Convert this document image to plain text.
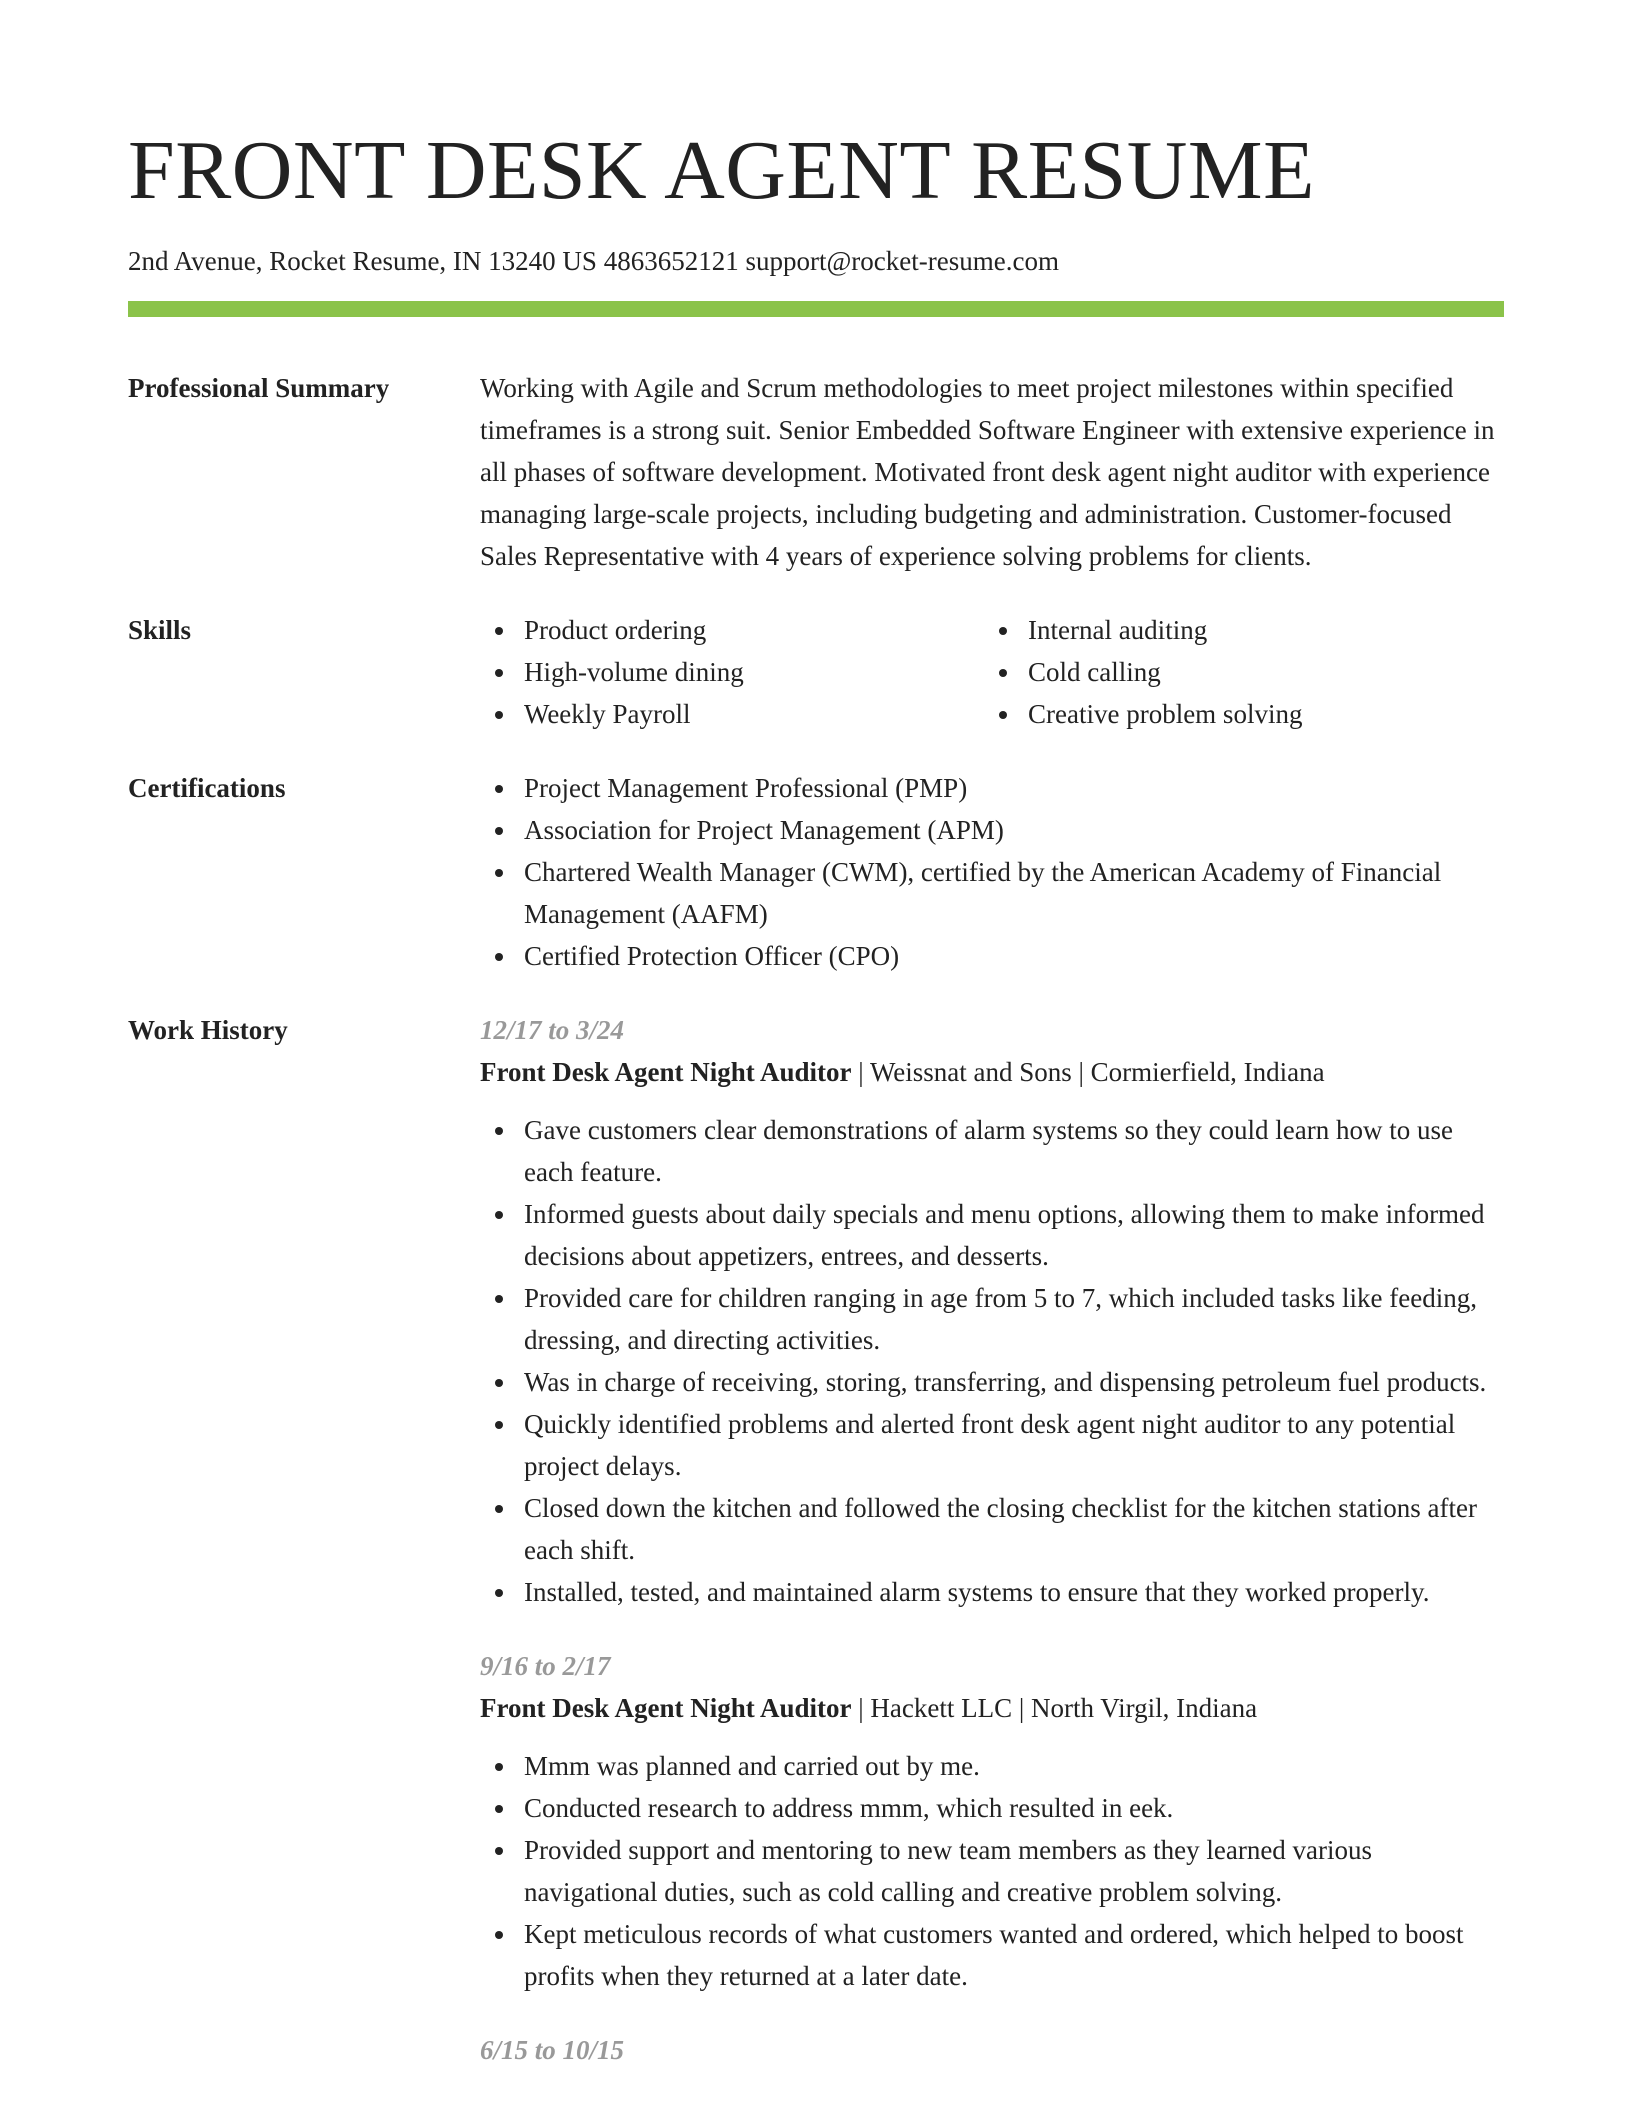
FRONT DESK AGENT RESUME
2nd Avenue, Rocket Resume, IN 13240 US 4863652121 support@rocket-resume.com
Professional Summary	Working with Agile and Scrum methodologies to meet project milestones within specified timeframes is a strong suit. Senior Embedded Software Engineer with extensive experience in all phases of software development. Motivated front desk agent night auditor with experience managing large-scale projects, including budgeting and administration. Customer-focused Sales Representative with 4 years of experience solving problems for clients.

Skills	Product ordering
High-volume dining
Weekly Payroll
Internal auditing
Cold calling
Creative problem solving
Certifications	Project Management Professional (PMP)
Association for Project Management (APM)
Chartered Wealth Manager (CWM), certified by the American Academy of Financial Management (AAFM)
Certified Protection Officer (CPO)
Work History	12/17 to 3/24
Front Desk Agent Night Auditor | Weissnat and Sons | Cormierfield, Indiana
Gave customers clear demonstrations of alarm systems so they could learn how to use each feature.
Informed guests about daily specials and menu options, allowing them to make informed decisions about appetizers, entrees, and desserts.
Provided care for children ranging in age from 5 to 7, which included tasks like feeding, dressing, and directing activities.
Was in charge of receiving, storing, transferring, and dispensing petroleum fuel products.
Quickly identified problems and alerted front desk agent night auditor to any potential project delays.
Closed down the kitchen and followed the closing checklist for the kitchen stations after each shift.
Installed, tested, and maintained alarm systems to ensure that they worked properly.
9/16 to 2/17
Front Desk Agent Night Auditor | Hackett LLC | North Virgil, Indiana
Mmm was planned and carried out by me.
Conducted research to address mmm, which resulted in eek.
Provided support and mentoring to new team members as they learned various navigational duties, such as cold calling and creative problem solving.
Kept meticulous records of what customers wanted and ordered, which helped to boost profits when they returned at a later date.
6/15 to 10/15
